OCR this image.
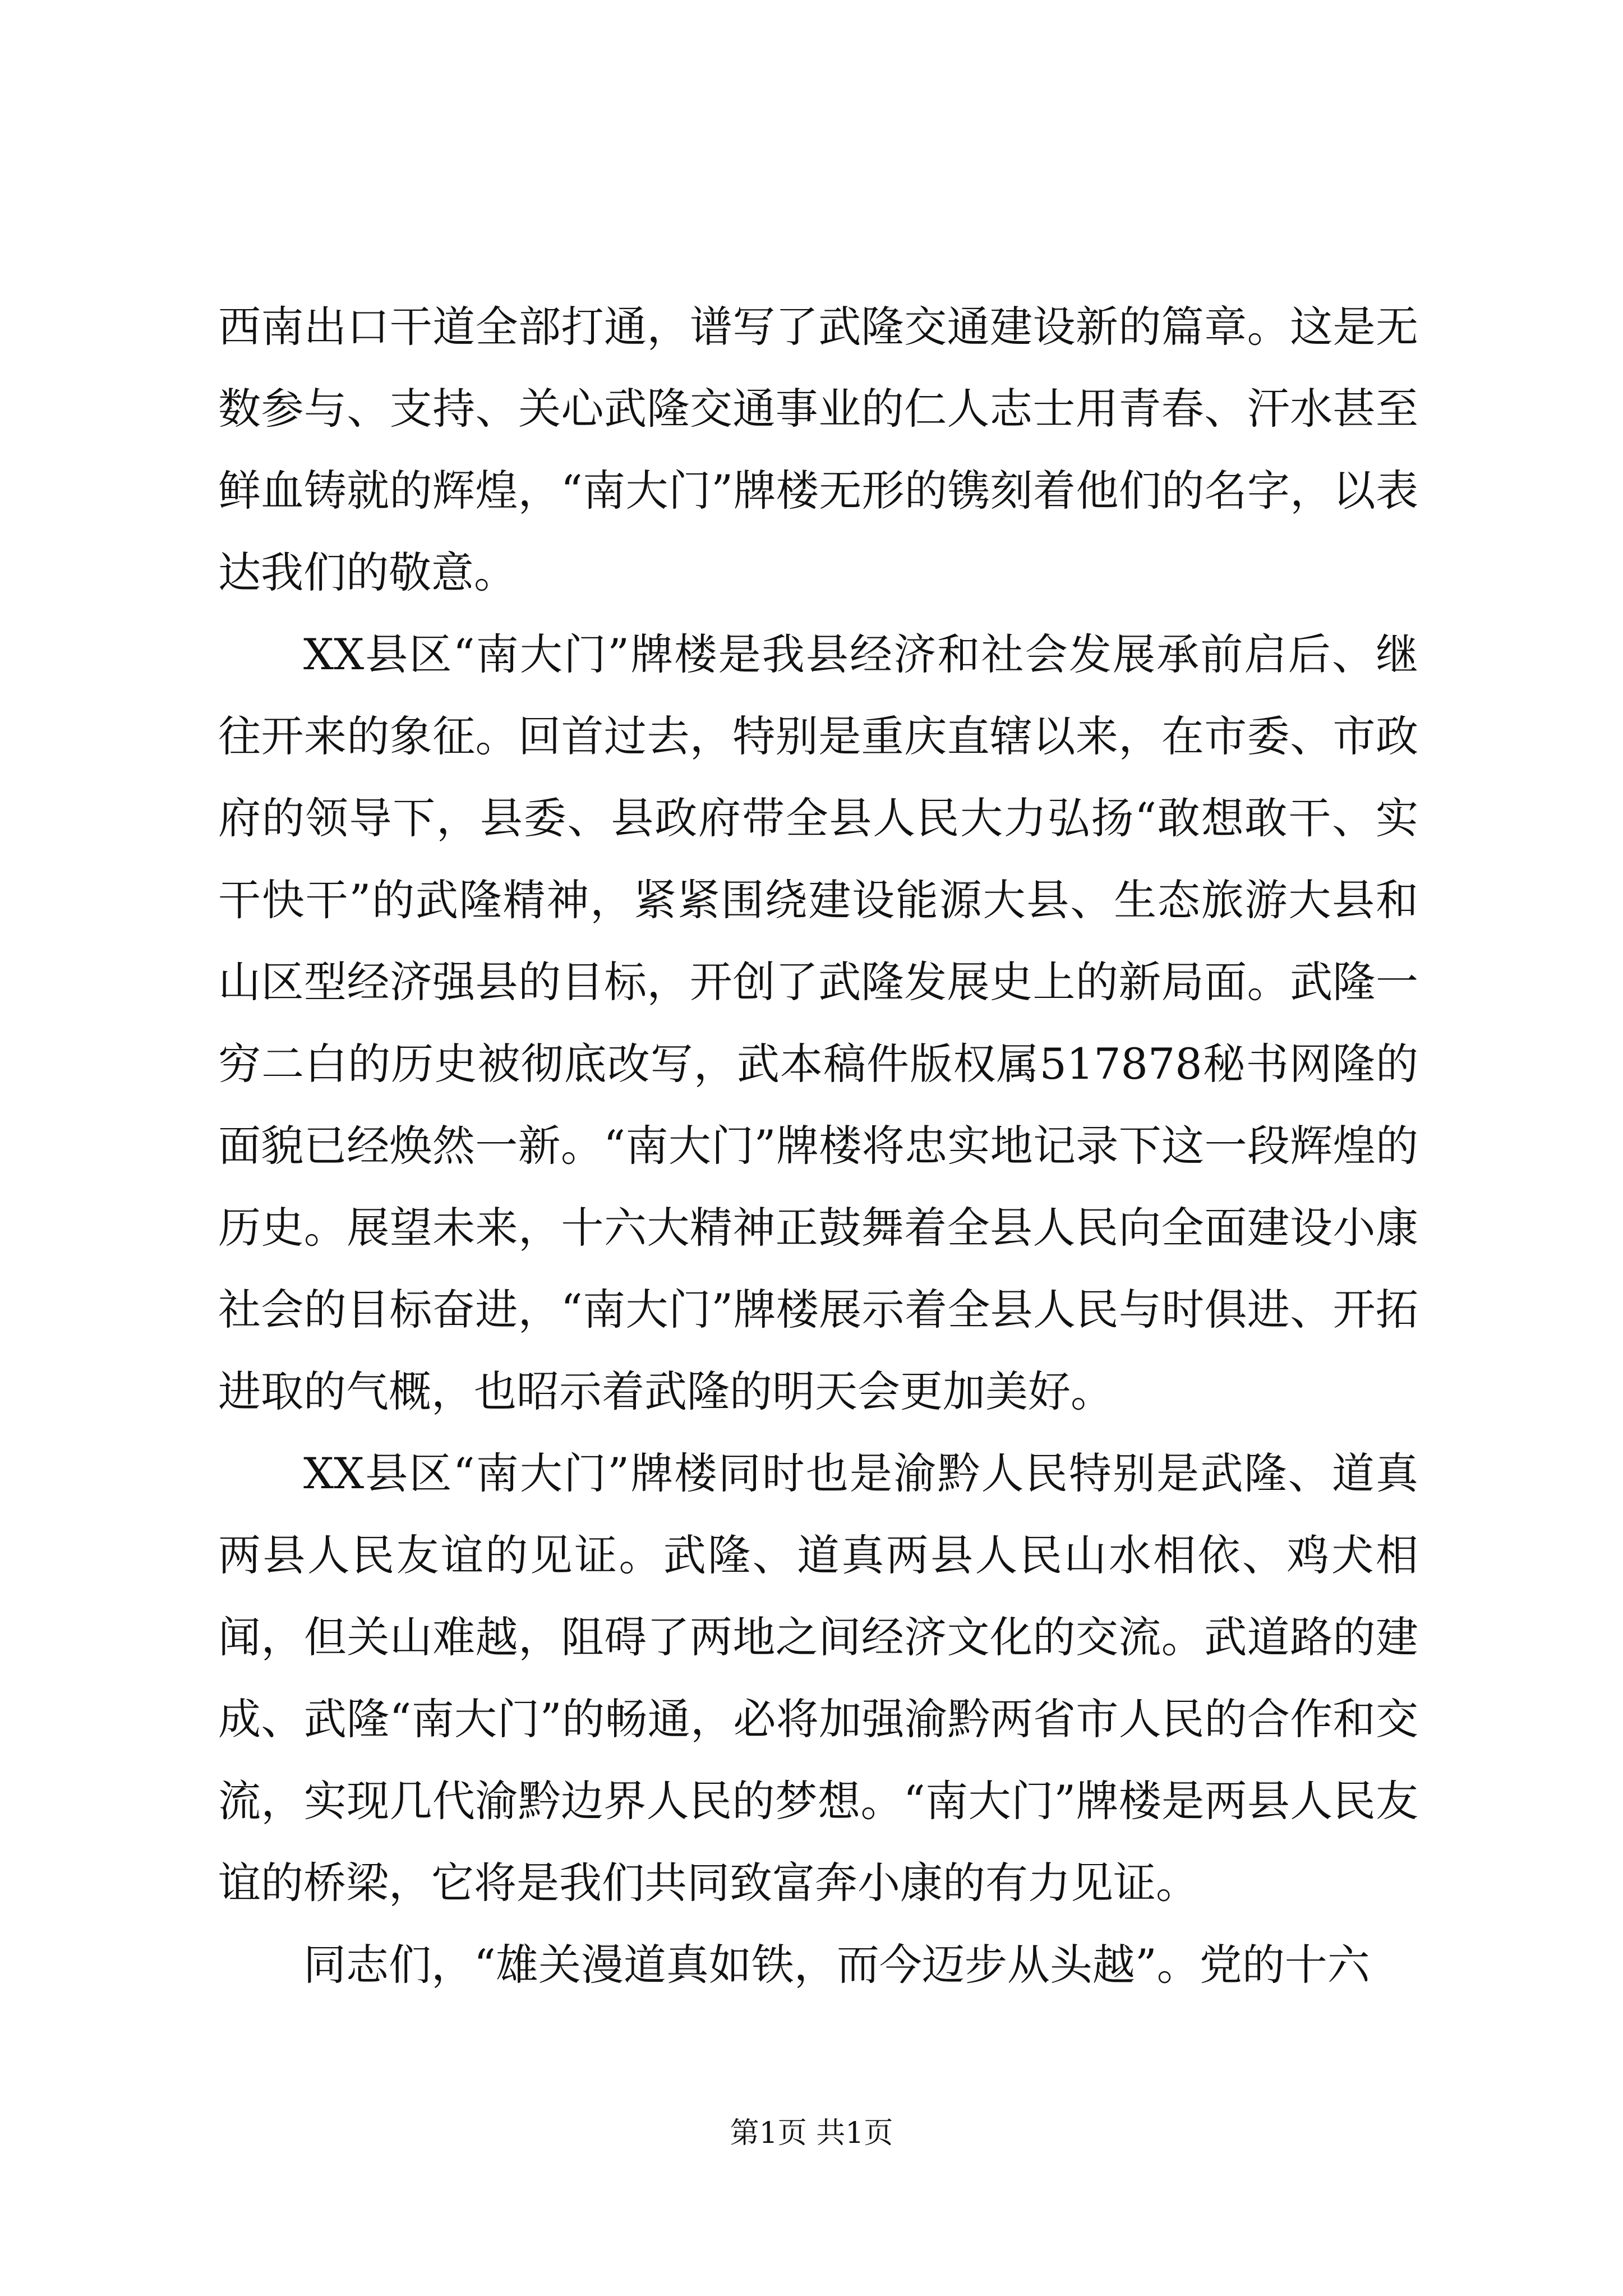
西南出口干道全部打通，谱写了武隆交通建设新的篇章。这是无数参与、支持、关心武隆交通事业的仁人志士用青春、汗水甚至鲜血铸就的辉煌，“南大门”牌楼无形的镌刻着他们的名字，以表达我们的敬意。

XX县区“南大门”牌楼是我县经济和社会发展承前启后、继往开来的象征。回首过去，特别是重庆直辖以来，在市委、市政府的领导下，县委、县政府带全县人民大力弘扬“敢想敢干、实干快干”的武隆精神，紧紧围绕建设能源大县、生态旅游大县和山区型经济强县的目标，开创了武隆发展史上的新局面。武隆一穷二白的历史被彻底改写，武本稿件版权属517878秘书网隆的面貌已经焕然一新。“南大门”牌楼将忠实地记录下这一段辉煌的历史。展望未来，十六大精神正鼓舞着全县人民向全面建设小康社会的目标奋进，“南大门”牌楼展示着全县人民与时俱进、开拓进取的气概，也昭示着武隆的明天会更加美好。

XX县区“南大门”牌楼同时也是渝黔人民特别是武隆、道真两县人民友谊的见证。武隆、道真两县人民山水相依、鸡犬相闻，但关山难越，阻碍了两地之间经济文化的交流。武道路的建成、武隆“南大门”的畅通，必将加强渝黔两省市人民的合作和交流，实现几代渝黔边界人民的梦想。“南大门”牌楼是两县人民友谊的桥梁，它将是我们共同致富奔小康的有力见证。

同志们，“雄关漫道真如铁，而今迈步从头越”。党的十六

第1页 共1页
